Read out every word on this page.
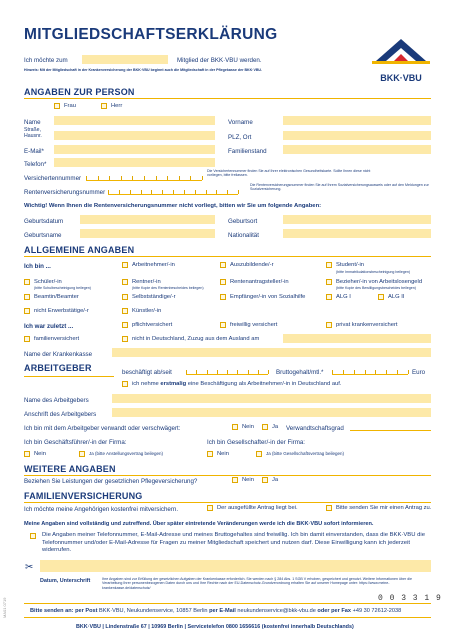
MITGLIEDSCHAFTSERKLÄRUNG
BKK·VBU
Ich möchte zum	Mitglied der BKK·VBU werden.
Hinweis: Mit der Mitgliedschaft in der Krankenversicherung der BKK·VBU beginnt auch die Mitgliedschaft in der Pflegekasse der BKK·VBU.
ANGABEN ZUR PERSON
Frau	Herr
Name	Vorname
Straße, Hausnr.	PLZ, Ort
E-Mail*	Familienstand
Telefon*
Versichertennummer
Die Versichertennummer finden Sie auf Ihrer elektronischen Gesundheitskarte. Sollte Ihnen diese nicht vorliegen, bitte freilassen.
Rentenversicherungsnummer
Die Rentenversicherungsnummer finden Sie auf Ihrem Sozialversicherungsausweis oder auf den Meldungen zur Sozialversicherung.
Wichtig! Wenn Ihnen die Rentenversicherungsnummer nicht vorliegt, bitten wir Sie um folgende Angaben:
Geburtsdatum	Geburtsort
Geburtsname	Nationalität
ALLGEMEINE ANGABEN
Ich bin ...	Arbeitnehmer/-in	Auszubildende/-r	Student/-in
(bitte Immatrikulationsbescheinigung beilegen)
Schüler/-in
(bitte Schulbescheinigung beilegen)
Rentner/-in
(bitte Kopie des Rentenbescheides beilegen)
Rentenantragsteller/-in	Bezieher/-in von Arbeitslosengeld
(bitte Kopie des Bewilligungsbescheides beilegen)
Beamtin/Beamter	Selbstständige/-r	Empfänger/-in von Sozialhilfe	ALG I	ALG II
nicht Erwerbstätige/-r	Künstler/-in
Ich war zuletzt ...	pflichtversichert	freiwillig versichert	privat krankenversichert
familienversichert	nicht in Deutschland, Zuzug aus dem Ausland am
Name der Krankenkasse
ARBEITGEBER	beschäftigt ab/seit	Bruttogehalt/mtl.*	Euro
ich nehme erstmalig eine Beschäftigung als Arbeitnehmer/-in in Deutschland auf.
Name des Arbeitgebers
Anschrift des Arbeitgebers
Ich bin mit dem Arbeitgeber verwandt oder verschwägert:	Nein	Ja Verwandtschaftsgrad
Ich bin Geschäftsführer/-in der Firma:	Ich bin Gesellschafter/-in der Firma:
Nein	Ja (bitte Anstellungsvertrag beilegen)	Nein	Ja (bitte Gesellschaftsvertrag beilegen)
WEITERE ANGABEN
Beziehen Sie Leistungen der gesetzlichen Pflegeversicherung?	Nein	Ja
FAMILIENVERSICHERUNG
Ich möchte meine Angehörigen kostenfrei mitversichern.	Der ausgefüllte Antrag liegt bei.	Bitte senden Sie mir einen Antrag zu.
Meine Angaben sind vollständig und zutreffend. Über später eintretende Veränderungen werde ich die BKK·VBU sofort informieren.
Die Angaben meiner Telefonnummer, E-Mail-Adresse und meines Bruttogehaltes sind freiwillig. Ich bin damit einverstanden, dass die BKK·VBU die Telefonnummer und/oder E-Mail-Adresse für Fragen zu meiner Mitgliedschaft speichert und nutzen darf. Diese Einwilligung kann ich jederzeit widerrufen.
✂
Datum, Unterschrift	Ihre Angaben sind zur Erfüllung der gesetzlichen Aufgaben der Krankenkasse erforderlich. Sie werden nach § 284 Abs. 1 SGB V erhoben, gespeichert und genutzt. Weitere Informationen über die Verarbeitung Ihrer personenbezogenen Daten durch uns und Ihre Rechte nach der EU-Datenschutz-Grundverordnung erhalten Sie auf unserer Homepage unter: https://www.meine-krankenkasse.de/datenschutz/
0 0 3 3 1 9
Bitte senden an: per Post BKK·VBU, Neukundenservice, 10857 Berlin per E-Mail neukundenservice@bkk-vbu.de oder per Fax +49 30 72612-2038
BKK·VBU | Lindenstraße 67 | 10969 Berlin | Servicetelefon 0800 1656616 (kostenfrei innerhalb Deutschlands)
MA01 0719
